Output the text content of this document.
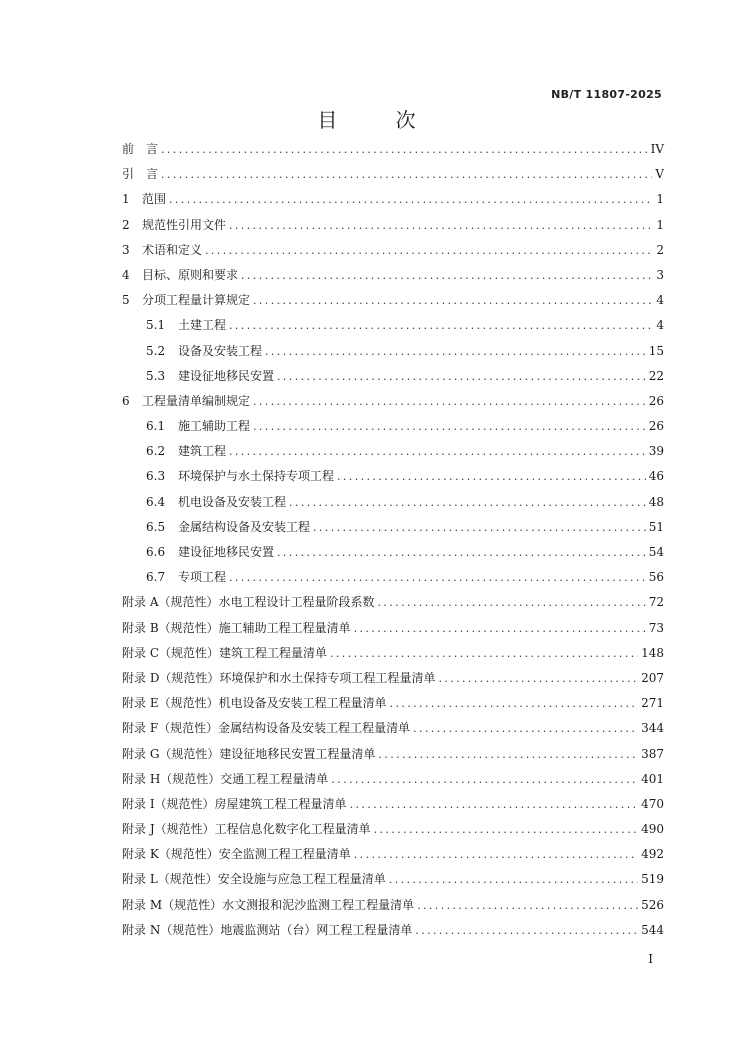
NB/T 11807-2025
目 次
前　言 .....	IV
引　言 .....	V
1	范围 .....	1
2	规范性引用文件 .....	1
3	术语和定义 .....	2
4	目标、原则和要求 .....	3
5	分项工程量计算规定 .....	4
5.1	土建工程 .....	4
5.2	设备及安装工程 .....	15
5.3	建设征地移民安置 .....	22
6	工程量清单编制规定 .....	26
6.1	施工辅助工程 .....	26
6.2	建筑工程 .....	39
6.3	环境保护与水土保持专项工程 .....	46
6.4	机电设备及安装工程 .....	48
6.5	金属结构设备及安装工程 .....	51
6.6	建设征地移民安置 .....	54
6.7	专项工程 .....	56
附录 A（规范性）水电工程设计工程量阶段系数 .....	72
附录 B（规范性）施工辅助工程工程量清单 .....	73
附录 C（规范性）建筑工程工程量清单 .....	148
附录 D（规范性）环境保护和水土保持专项工程工程量清单 .....	207
附录 E（规范性）机电设备及安装工程工程量清单 .....	271
附录 F（规范性）金属结构设备及安装工程工程量清单 .....	344
附录 G（规范性）建设征地移民安置工程量清单 .....	387
附录 H（规范性）交通工程工程量清单 .....	401
附录 I（规范性）房屋建筑工程工程量清单 .....	470
附录 J（规范性）工程信息化数字化工程量清单 .....	490
附录 K（规范性）安全监测工程工程量清单 .....	492
附录 L（规范性）安全设施与应急工程工程量清单 .....	519
附录 M（规范性）水文测报和泥沙监测工程工程量清单 .....	526
附录 N（规范性）地震监测站（台）网工程工程量清单 .....	544
I
